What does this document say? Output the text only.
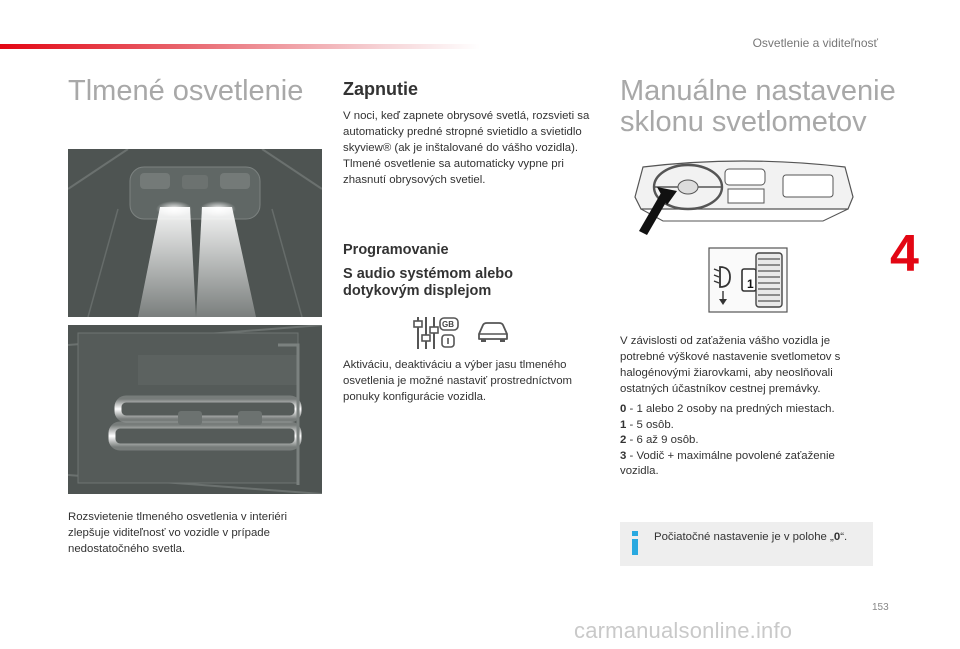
Osvetlenie a viditeľnosť
4
Tlmené osvetlenie
Rozsvietenie tlmeného osvetlenia v interiéri zlepšuje viditeľnosť vo vozidle v prípade nedostatočného svetla.
Zapnutie

V noci, keď zapnete obrysové svetlá, rozsvieti sa automaticky predné stropné svietidlo a svietidlo skyview® (ak je inštalované do vášho vozidla).

Tlmené osvetlenie sa automaticky vypne pri zhasnutí obrysových svetiel.

Programovanie
S audio systémom alebo dotykovým displejom
GB
Aktiváciu, deaktiváciu a výber jasu tlmeného osvetlenia je možné nastaviť prostredníctvom ponuky konfigurácie vozidla.
Manuálne nastavenie
sklonu svetlometov
1
V závislosti od zaťaženia vášho vozidla je potrebné výškové nastavenie svetlometov s halogénovými žiarovkami, aby neoslňovali ostatných účastníkov cestnej premávky.
0 - 1 alebo 2 osoby na predných miestach.
1 - 5 osôb.
2 - 6 až 9 osôb.
3 - Vodič + maximálne povolené zaťaženie vozidla.
Počiatočné nastavenie je v polohe „0“.
153
carmanualsonline.info
